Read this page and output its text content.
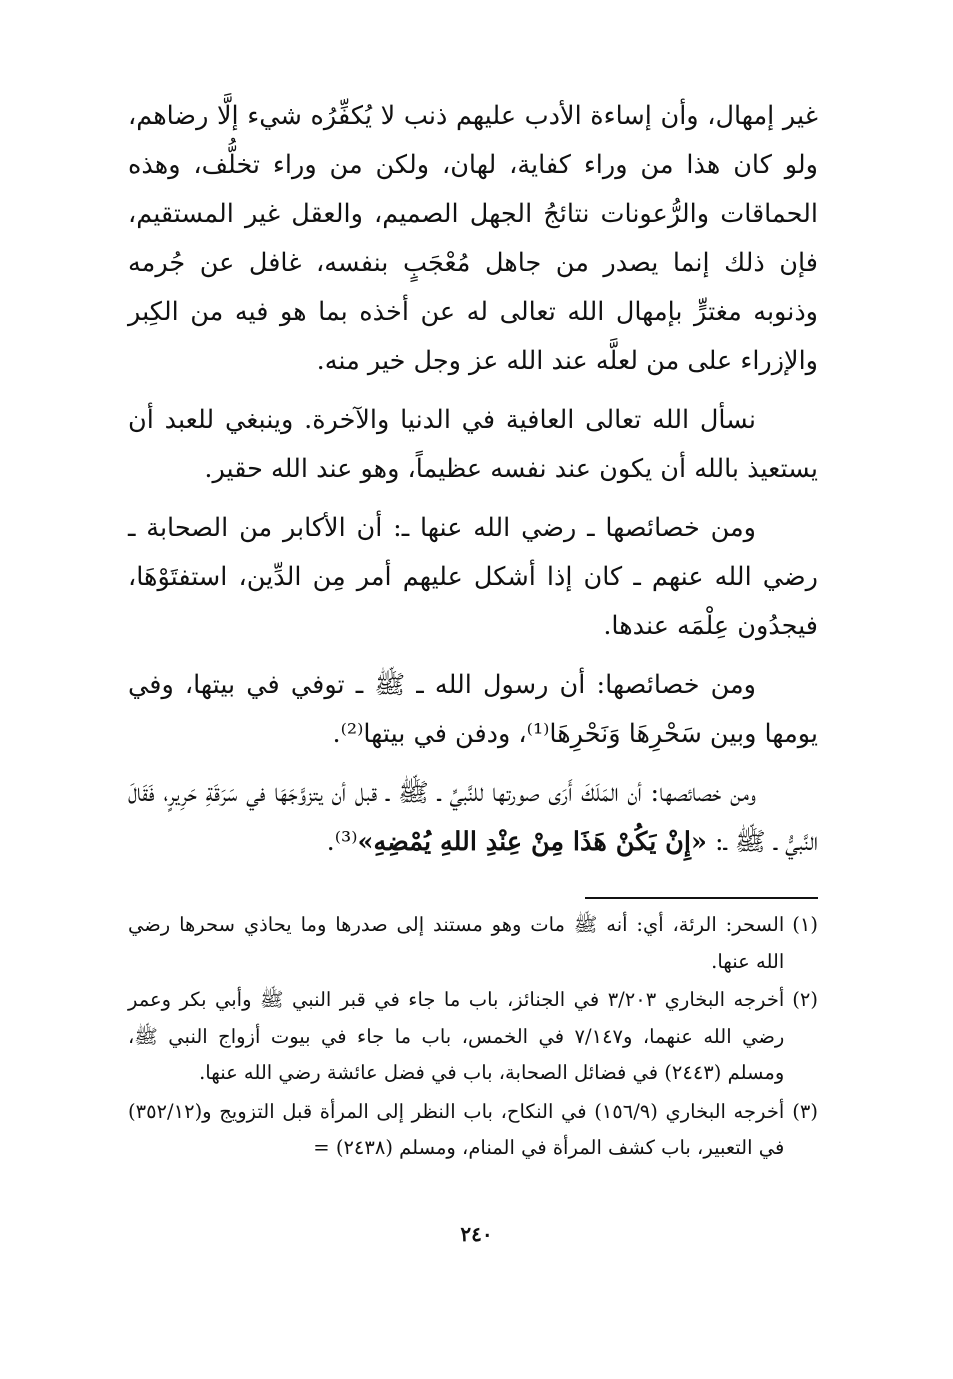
غير إمهال، وأن إساءة الأدب عليهم ذنب لا يُكفِّرُه شيء إلَّا رضاهم، ولو كان هذا من وراء كفاية، لهان، ولكن من وراء تخلُّف، وهذه الحماقات والرُّعونات نتائجُ الجهل الصميم، والعقل غير المستقيم، فإن ذلك إنما يصدر من جاهل مُعْجَبٍ بنفسه، غافل عن جُرمه وذنوبه مغترٍّ بإمهال الله تعالى له عن أخذه بما هو فيه من الكِبر والإزراء على من لعلَّه عند الله عز وجل خير منه.

نسأل الله تعالى العافية في الدنيا والآخرة. وينبغي للعبد أن يستعيذ بالله أن يكون عند نفسه عظيماً، وهو عند الله حقير.

ومن خصائصها ـ رضي الله عنها ـ: أن الأكابر من الصحابة ـ رضي الله عنهم ـ كان إذا أشكل عليهم أمر مِن الدِّين، استفتَوْهَا، فيجدُون عِلْمَه عندها.

ومن خصائصها: أن رسول الله ـ ﷺ ـ توفي في بيتها، وفي يومها وبين سَحْرِهَا وَنَحْرِهَا⁽¹⁾، ودفن في بيتها⁽²⁾.

ومن خصائصها: أن المَلَكَ أَرَى صورتها للنَّبيِّ ـ ﷺ ـ قبل أن يتزوَّجَهَا في سَرَقَةِ حَرِيرٍ، فَقَالَ النَّبيُّ ـ ﷺ ـ: «إِنْ يَكُنْ هَذَا مِنْ عِنْدِ اللهِ يُمْضِهِ»⁽³⁾.

(١)
السحر: الرئة، أي: أنه ﷺ مات وهو مستند إلى صدرها وما يحاذي سحرها رضي الله عنها.
(٢)
أخرجه البخاري ٣/٢٠٣ في الجنائز، باب ما جاء في قبر النبي ﷺ وأبي بكر وعمر رضي الله عنهما، و٧/١٤٧ في الخمس، باب ما جاء في بيوت أزواج النبي ﷺ، ومسلم (٢٤٤٣) في فضائل الصحابة، باب في فضل عائشة رضي الله عنها.
(٣)
أخرجه البخاري (١٥٦/٩) في النكاح، باب النظر إلى المرأة قبل التزويج و(٣٥٢/١٢) في التعبير، باب كشف المرأة في المنام، ومسلم (٢٤٣٨) =
٢٤٠
